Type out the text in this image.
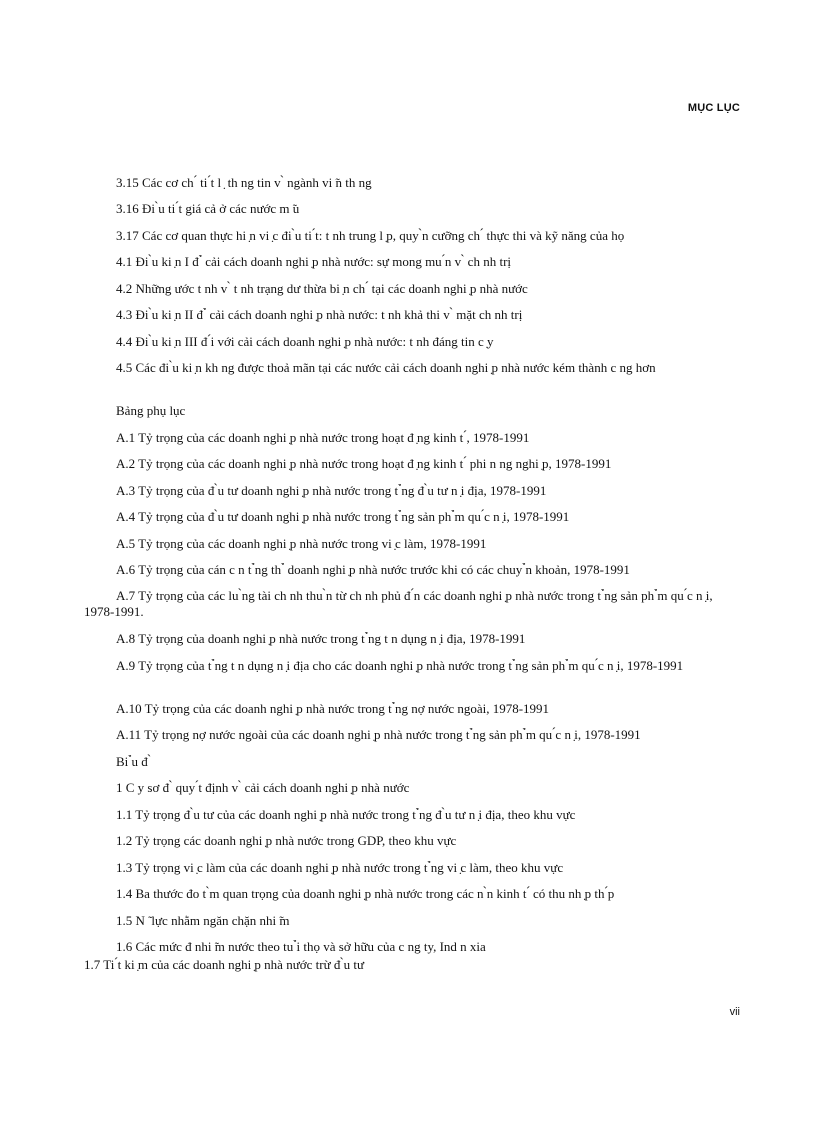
MỤC LỤC
3.15 Các cơ ch ́ ti ́t l ̣ th ng tin v ̀ ngành vi ̃n th ng
3.16 Đi ̀u ti ́t giá cả ở các nước m ̃u
3.17 Các cơ quan thực hi ̣n vi ̣c đi ̀u ti ́t: t nh trung l ̣p, quy ̀n cưỡng ch ́ thực thi và kỹ năng của họ
4.1 Đi ̀u ki ̣n I đ ̉ cải cách doanh nghi ̣p nhà nước: sự mong mu ́n v ̀ ch nh trị
4.2 Những ước t nh v ̀ t nh trạng dư thừa bi ̣n ch ́ tại các doanh nghi ̣p nhà nước
4.3 Đi ̀u ki ̣n II đ ̉ cải cách doanh nghi ̣p nhà nước: t nh khả thi v ̀ mặt ch nh trị
4.4 Đi ̀u ki ̣n III đ ́i với cải cách doanh nghi ̣p nhà nước: t nh đáng tin c ̣y
4.5 Các đi ̀u ki ̣n kh ng được thoả mãn tại các nước cải cách doanh nghi ̣p nhà nước kém thành c ng hơn
Bảng phụ lục
A.1 Tỷ trọng của các doanh nghi ̣p nhà nước trong hoạt đ ̣ng kinh t ́, 1978-1991
A.2 Tỷ trọng của các doanh nghi ̣p nhà nước trong hoạt đ ̣ng kinh t ́ phi n ng nghi ̣p, 1978-1991
A.3 Tỷ trọng của đ ̀u tư doanh nghi ̣p nhà nước trong t ̉ng đ ̀u tư n ̣i địa, 1978-1991
A.4 Tỷ trọng của đ ̀u tư doanh nghi ̣p nhà nước trong t ̉ng sản ph ̉m qu ́c n ̣i, 1978-1991
A.5 Tỷ trọng của các doanh nghi ̣p nhà nước trong vi ̣c làm, 1978-1991
A.6 Tỷ trọng của cán c n t ̉ng th ̉ doanh nghi ̣p nhà nước trước khi có các chuy ̉n khoản, 1978-1991
A.7 Tỷ trọng của các lu ̀ng tài ch nh thu ̀n từ ch nh phủ đ ́n các doanh nghi ̣p nhà nước trong t ̉ng sản ph ̉m qu ́c n ̣i, 1978-1991.
A.8 Tỷ trọng của doanh nghi ̣p nhà nước trong t ̉ng t n dụng n ̣i địa, 1978-1991
A.9 Tỷ trọng của t ̉ng t n dụng n ̣i địa cho các doanh nghi ̣p nhà nước trong t ̉ng sản ph ̉m qu ́c n ̣i, 1978-1991
A.10 Tỷ trọng của các doanh nghi ̣p nhà nước trong t ̉ng nợ nước ngoài, 1978-1991
A.11 Tỷ trọng nợ nước ngoài của các doanh nghi ̣p nhà nước trong t ̉ng sản ph ̉m qu ́c n ̣i, 1978-1991
Bi ̉u đ ̀
1 C y sơ đ ̀ quy ́t định v ̀ cải cách doanh nghi ̣p nhà nước
1.1 Tỷ trọng đ ̀u tư của các doanh nghi ̣p nhà nước trong t ̉ng đ ̀u tư n ̣i địa, theo khu vực
1.2 Tỷ trọng các doanh nghi ̣p nhà nước trong GDP, theo khu vực
1.3 Tỷ trọng vi ̣c làm của các doanh nghi ̣p nhà nước trong t ̉ng vi ̣c làm, theo khu vực
1.4 Ba thước đo t ̀m quan trọng của doanh nghi ̣p nhà nước trong các n ̀n kinh t ́ có thu nh ̣p th ́p
1.5 N ̃ lực nhằm ngăn chặn nhi ̃m
1.6 Các mức đ nhi ̃m nước theo tu ̉i thọ và sở hữu của c ng ty, Ind n xia
1.7 Ti ́t ki ̣m của các doanh nghi ̣p nhà nước trừ đ ̀u tư
vii
